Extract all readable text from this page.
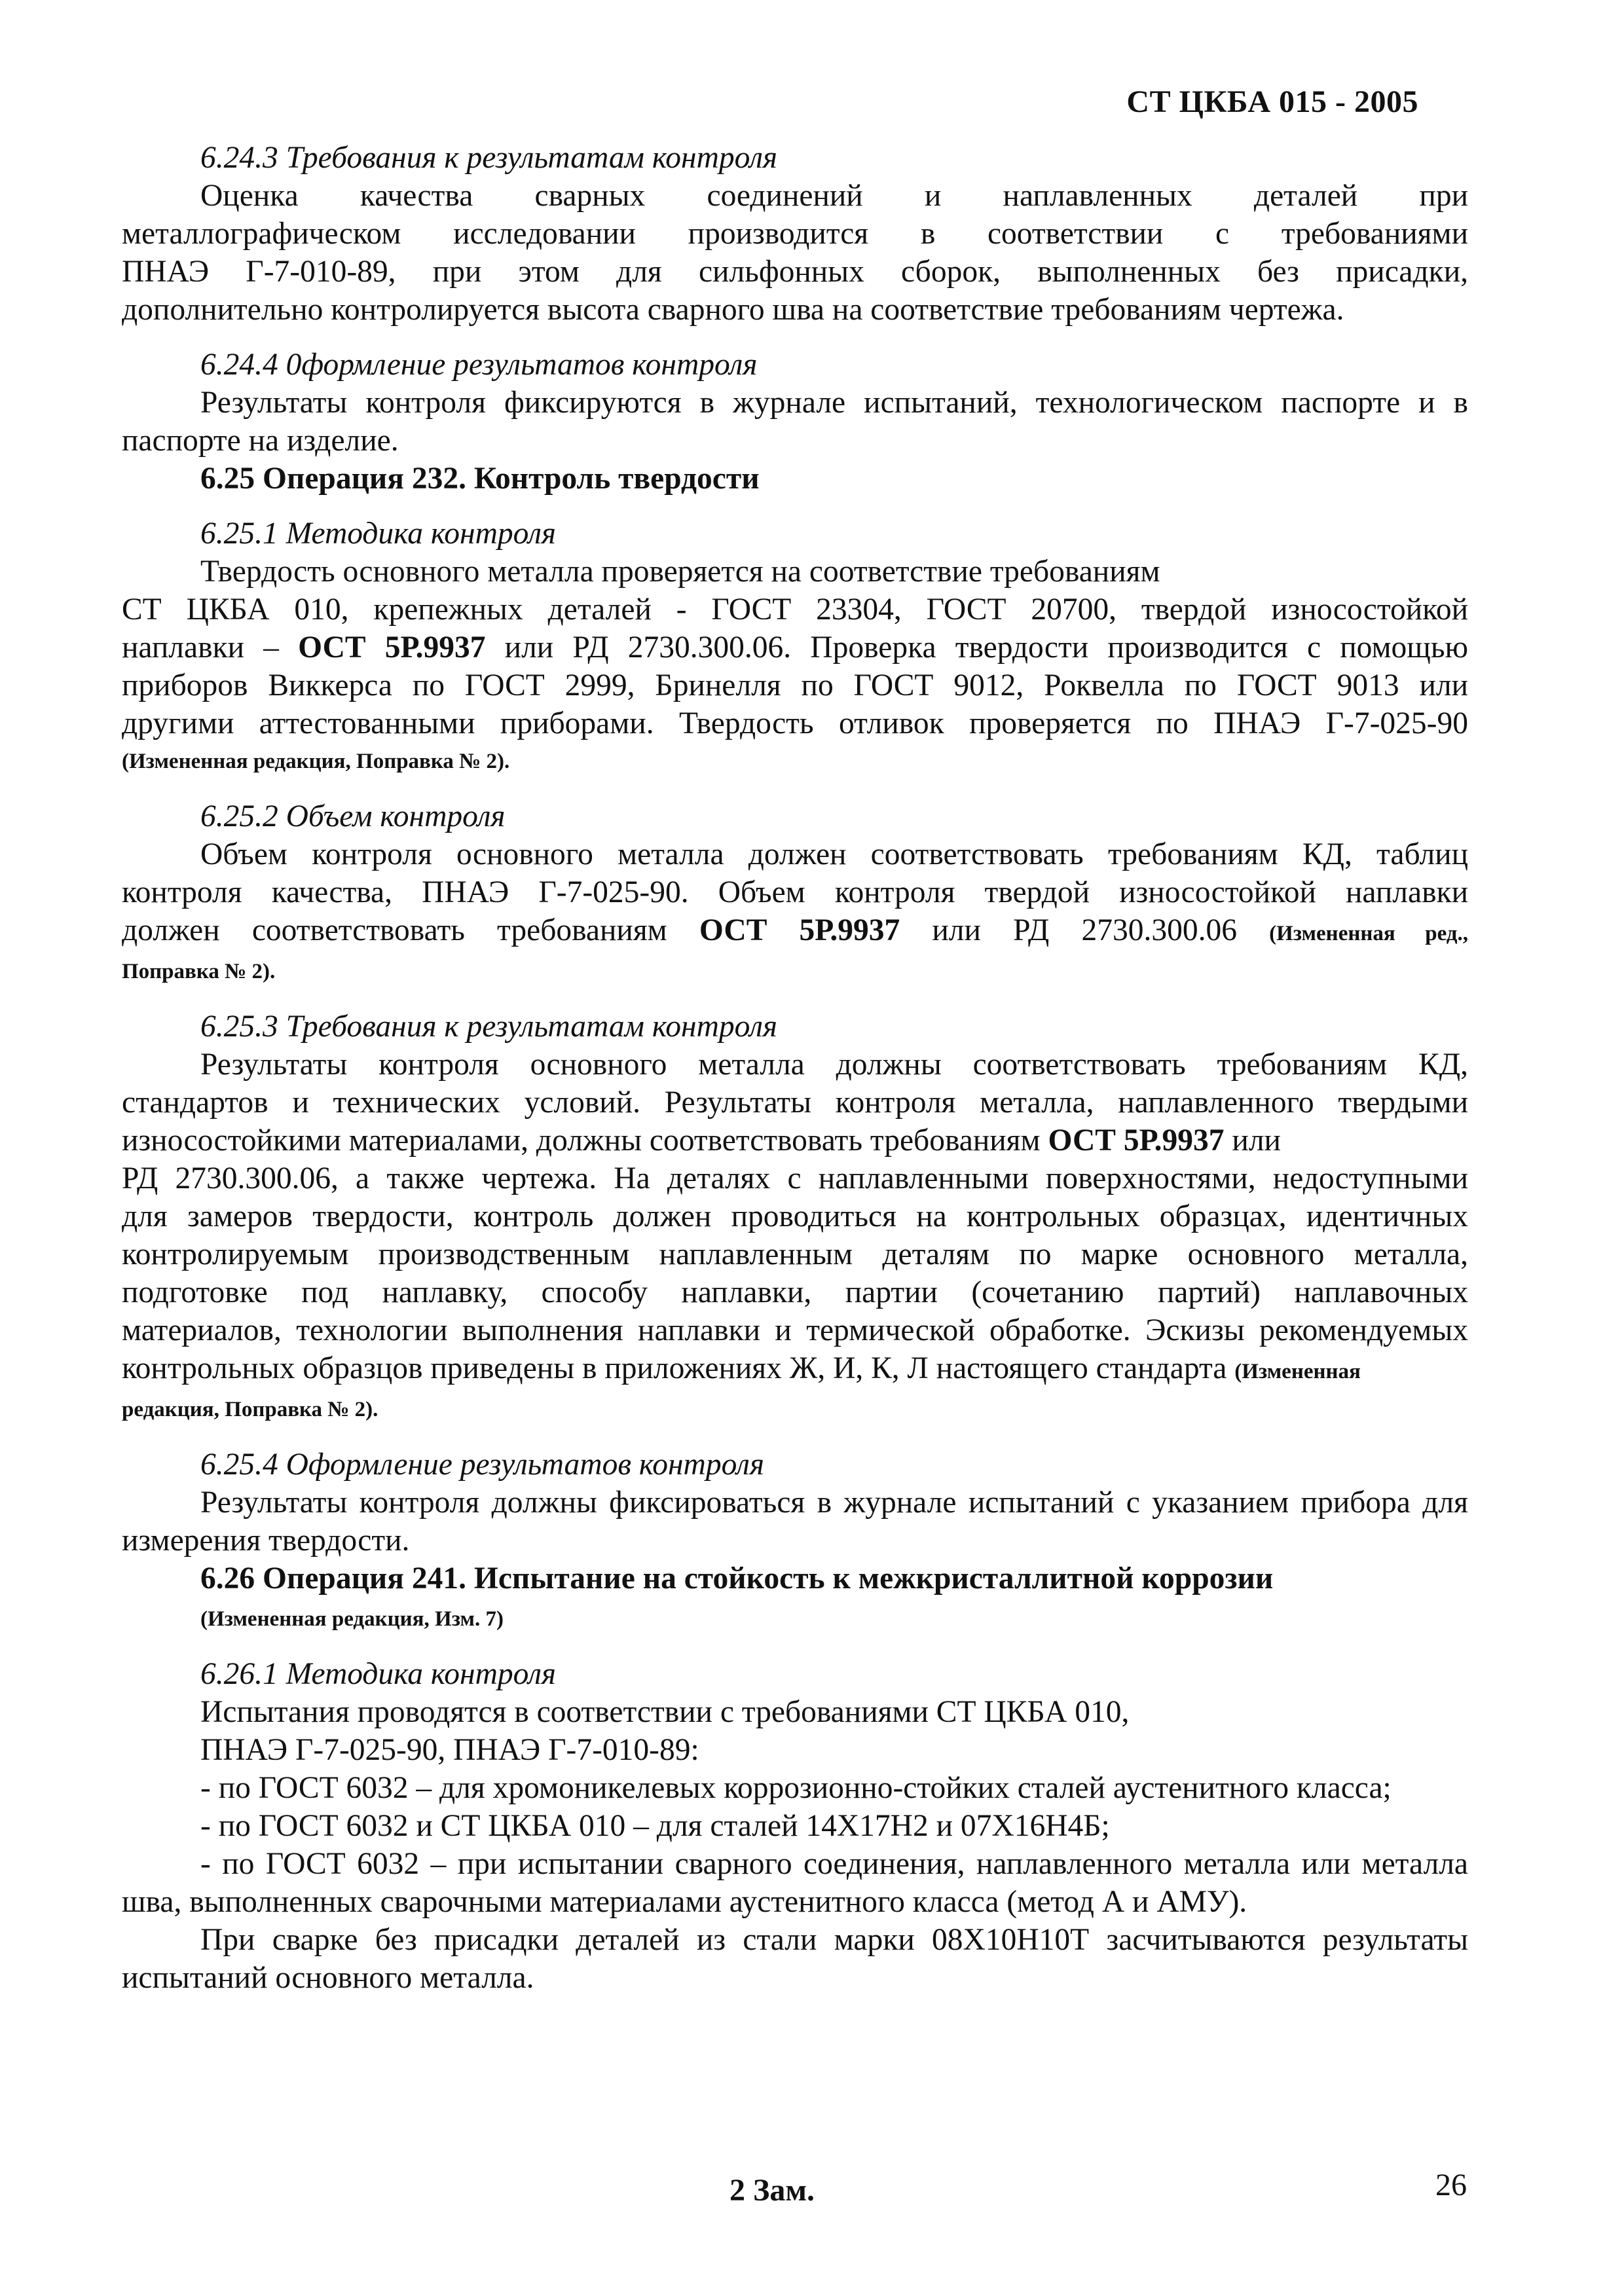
СТ ЦКБА 015 - 2005

6.24.3 Требования к результатам контроля

Оценка качества сварных соединений и наплавленных деталей при
металлографическом исследовании производится в соответствии с требованиями
ПНАЭ Г-7-010-89, при этом для сильфонных сборок, выполненных без присадки,
дополнительно контролируется высота сварного шва на соответствие требованиям чертежа.

6.24.4 0формление результатов контроля

Результаты контроля фиксируются в журнале испытаний, технологическом паспорте и в
паспорте на изделие.

6.25 Операция 232. Контроль твердости

6.25.1 Методика контроля

Твердость основного металла проверяется на соответствие требованиям
СТ ЦКБА 010, крепежных деталей - ГОСТ 23304, ГОСТ 20700, твердой износостойкой
наплавки – ОСТ 5Р.9937 или РД 2730.300.06. Проверка твердости производится с помощью
приборов Виккерса по ГОСТ 2999, Бринелля по ГОСТ 9012, Роквелла по ГОСТ 9013 или
другими аттестованными приборами. Твердость отливок проверяется по ПНАЭ Г-7-025-90

(Измененная редакция, Поправка № 2).

6.25.2 Объем контроля

Объем контроля основного металла должен соответствовать требованиям КД, таблиц
контроля качества, ПНАЭ Г-7-025-90. Объем контроля твердой износостойкой наплавки
должен соответствовать требованиям ОСТ 5Р.9937 или РД 2730.300.06 (Измененная ред.,

Поправка № 2).

6.25.3 Требования к результатам контроля

Результаты контроля основного металла должны соответствовать требованиям КД,
стандартов и технических условий. Результаты контроля металла, наплавленного твердыми
износостойкими материалами, должны соответствовать требованиям ОСТ 5Р.9937 или
РД 2730.300.06, а также чертежа. На деталях с наплавленными поверхностями, недоступными
для замеров твердости, контроль должен проводиться на контрольных образцах, идентичных
контролируемым производственным наплавленным деталям по марке основного металла,
подготовке под наплавку, способу наплавки, партии (сочетанию партий) наплавочных
материалов, технологии выполнения наплавки и термической обработке. Эскизы рекомендуемых
контрольных образцов приведены в приложениях Ж, И, К, Л настоящего стандарта (Измененная

редакция, Поправка № 2).

6.25.4 Оформление результатов контроля

Результаты контроля должны фиксироваться в журнале испытаний с указанием прибора для
измерения твердости.

6.26 Операция 241. Испытание на стойкость к межкристаллитной коррозии

(Измененная редакция, Изм. 7)

6.26.1 Методика контроля

Испытания проводятся в соответствии с требованиями СТ ЦКБА 010,
ПНАЭ Г-7-025-90, ПНАЭ Г-7-010-89:
- по ГОСТ 6032 – для хромоникелевых коррозионно-стойких сталей аустенитного класса;
- по ГОСТ 6032 и СТ ЦКБА 010 – для сталей 14Х17Н2 и 07Х16Н4Б;
- по ГОСТ 6032 – при испытании сварного соединения, наплавленного металла или металла
шва, выполненных сварочными материалами аустенитного класса (метод А и АМУ).
При сварке без присадки деталей из стали марки 08Х10Н10Т засчитываются результаты
испытаний основного металла.
2 Зам.	26
